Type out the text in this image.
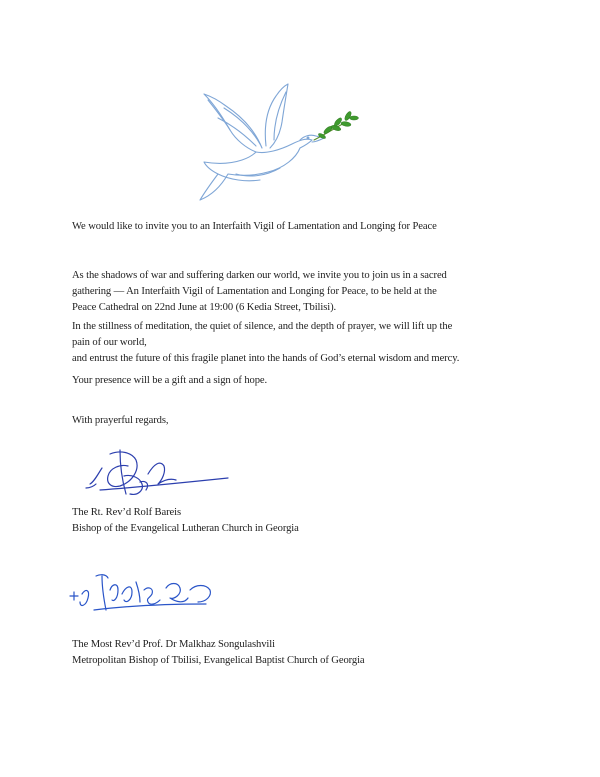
We would like to invite you to an Interfaith Vigil of Lamentation and Longing for Peace
As the shadows of war and suffering darken our world, we invite you to join us in a sacred
gathering — An Interfaith Vigil of Lamentation and Longing for Peace, to be held at the
Peace Cathedral on 22nd June at 19:00 (6 Kedia Street, Tbilisi).
In the stillness of meditation, the quiet of silence, and the depth of prayer, we will lift up the
pain of our world,
and entrust the future of this fragile planet into the hands of God’s eternal wisdom and mercy.
Your presence will be a gift and a sign of hope.
With prayerful regards,
The Rt. Rev’d Rolf Bareis
Bishop of the Evangelical Lutheran Church in Georgia
The Most Rev’d Prof. Dr Malkhaz Songulashvili
Metropolitan Bishop of Tbilisi, Evangelical Baptist Church of Georgia
